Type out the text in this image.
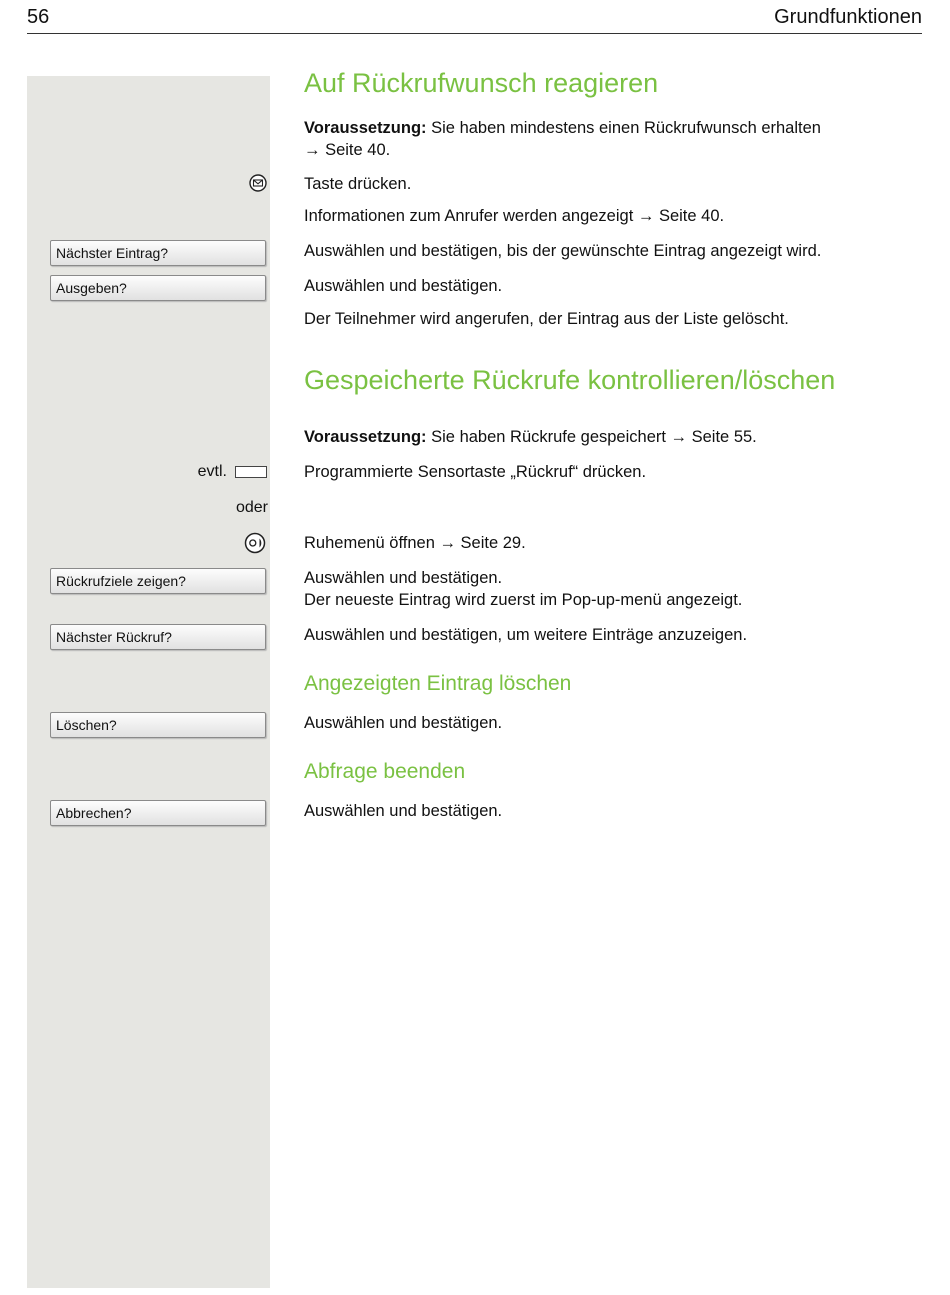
56	Grundfunktionen
Auf Rückrufwunsch reagieren
Voraussetzung: Sie haben mindestens einen Rückrufwunsch erhalten
→ Seite 40.
Taste drücken.
Informationen zum Anrufer werden angezeigt → Seite 40.
Nächster Eintrag?	Auswählen und bestätigen, bis der gewünschte Eintrag angezeigt wird.
Ausgeben?	Auswählen und bestätigen.
Der Teilnehmer wird angerufen, der Eintrag aus der Liste gelöscht.
Gespeicherte Rückrufe kontrollieren/löschen
Voraussetzung: Sie haben Rückrufe gespeichert → Seite 55.
evtl.	Programmierte Sensortaste „Rückruf“ drücken.
oder
Ruhemenü öffnen → Seite 29.
Rückrufziele zeigen?	Auswählen und bestätigen.
Der neueste Eintrag wird zuerst im Pop-up-menü angezeigt.
Nächster Rückruf?	Auswählen und bestätigen, um weitere Einträge anzuzeigen.
Angezeigten Eintrag löschen
Löschen?	Auswählen und bestätigen.
Abfrage beenden
Abbrechen?	Auswählen und bestätigen.
